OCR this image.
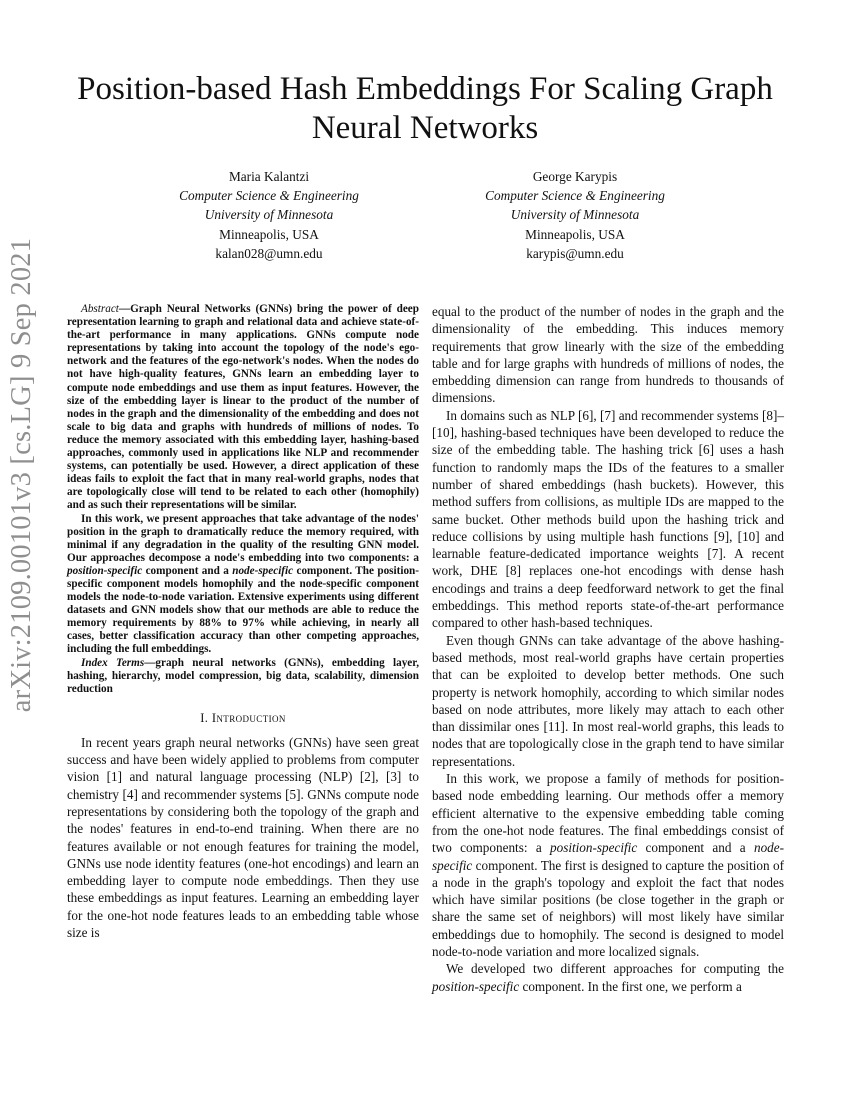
arXiv:2109.00101v3 [cs.LG] 9 Sep 2021
Position-based Hash Embeddings For Scaling Graph Neural Networks
Maria Kalantzi
Computer Science & Engineering
University of Minnesota
Minneapolis, USA
kalan028@umn.edu
George Karypis
Computer Science & Engineering
University of Minnesota
Minneapolis, USA
karypis@umn.edu

Abstract—Graph Neural Networks (GNNs) bring the power of deep representation learning to graph and relational data and achieve state-of-the-art performance in many applications. GNNs compute node representations by taking into account the topology of the node's ego-network and the features of the ego-network's nodes. When the nodes do not have high-quality features, GNNs learn an embedding layer to compute node embeddings and use them as input features. However, the size of the embedding layer is linear to the product of the number of nodes in the graph and the dimensionality of the embedding and does not scale to big data and graphs with hundreds of millions of nodes. To reduce the memory associated with this embedding layer, hashing-based approaches, commonly used in applications like NLP and recommender systems, can potentially be used. However, a direct application of these ideas fails to exploit the fact that in many real-world graphs, nodes that are topologically close will tend to be related to each other (homophily) and as such their representations will be similar.

In this work, we present approaches that take advantage of the nodes' position in the graph to dramatically reduce the memory required, with minimal if any degradation in the quality of the resulting GNN model. Our approaches decompose a node's embedding into two components: a position-specific component and a node-specific component. The position-specific component models homophily and the node-specific component models the node-to-node variation. Extensive experiments using different datasets and GNN models show that our methods are able to reduce the memory requirements by 88% to 97% while achieving, in nearly all cases, better classification accuracy than other competing approaches, including the full embeddings.

Index Terms—graph neural networks (GNNs), embedding layer, hashing, hierarchy, model compression, big data, scalability, dimension reduction

I. Introduction

In recent years graph neural networks (GNNs) have seen great success and have been widely applied to problems from computer vision [1] and natural language processing (NLP) [2], [3] to chemistry [4] and recommender systems [5]. GNNs compute node representations by considering both the topology of the graph and the nodes' features in end-to-end training. When there are no features available or not enough features for training the model, GNNs use node identity features (one-hot encodings) and learn an embedding layer to compute node embeddings. Then they use these embeddings as input features. Learning an embedding layer for the one-hot node features leads to an embedding table whose size is

equal to the product of the number of nodes in the graph and the dimensionality of the embedding. This induces memory requirements that grow linearly with the size of the embedding table and for large graphs with hundreds of millions of nodes, the embedding dimension can range from hundreds to thousands of dimensions.

In domains such as NLP [6], [7] and recommender systems [8]–[10], hashing-based techniques have been developed to reduce the size of the embedding table. The hashing trick [6] uses a hash function to randomly maps the IDs of the features to a smaller number of shared embeddings (hash buckets). However, this method suffers from collisions, as multiple IDs are mapped to the same bucket. Other methods build upon the hashing trick and reduce collisions by using multiple hash functions [9], [10] and learnable feature-dedicated importance weights [7]. A recent work, DHE [8] replaces one-hot encodings with dense hash encodings and trains a deep feedforward network to get the final embeddings. This method reports state-of-the-art performance compared to other hash-based techniques.

Even though GNNs can take advantage of the above hashing-based methods, most real-world graphs have certain properties that can be exploited to develop better methods. One such property is network homophily, according to which similar nodes based on node attributes, more likely may attach to each other than dissimilar ones [11]. In most real-world graphs, this leads to nodes that are topologically close in the graph tend to have similar representations.

In this work, we propose a family of methods for position-based node embedding learning. Our methods offer a memory efficient alternative to the expensive embedding table coming from the one-hot node features. The final embeddings consist of two components: a position-specific component and a node-specific component. The first is designed to capture the position of a node in the graph's topology and exploit the fact that nodes which have similar positions (be close together in the graph or share the same set of neighbors) will most likely have similar embeddings due to homophily. The second is designed to model node-to-node variation and more localized signals.

We developed two different approaches for computing the position-specific component. In the first one, we perform a
